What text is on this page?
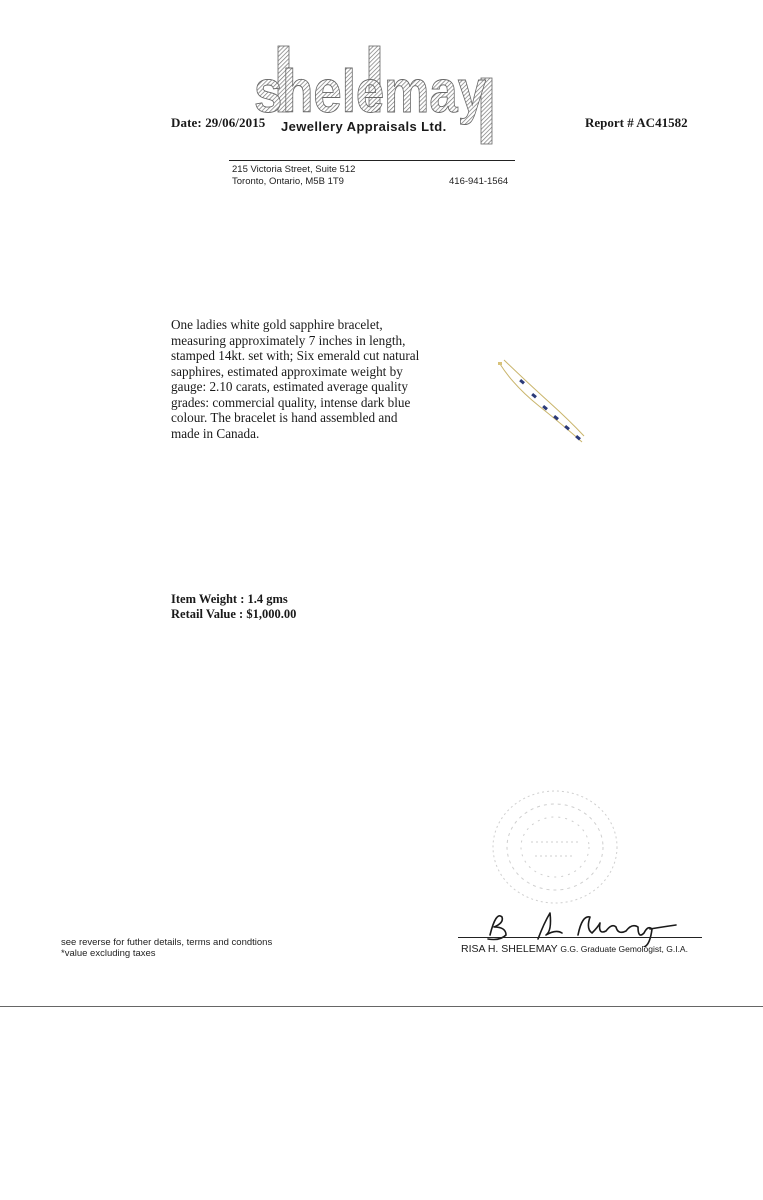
shelemay
Date: 29/06/2015 Jewellery Appraisals Ltd.	Report # AC41582
215 Victoria Street, Suite 512
Toronto, Ontario, M5B 1T9	416-941-1564
One ladies white gold sapphire bracelet,
measuring approximately 7 inches in length,
stamped 14kt. set with; Six emerald cut natural
sapphires, estimated approximate weight by
gauge: 2.10 carats, estimated average quality
grades: commercial quality, intense dark blue
colour. The bracelet is hand assembled and
made in Canada.
Item Weight : 1.4 gms
Retail Value : $1,000.00
RISA H. SHELEMAY G.G. Graduate Gemologist, G.I.A.
see reverse for futher details, terms and condtions
*value excluding taxes
